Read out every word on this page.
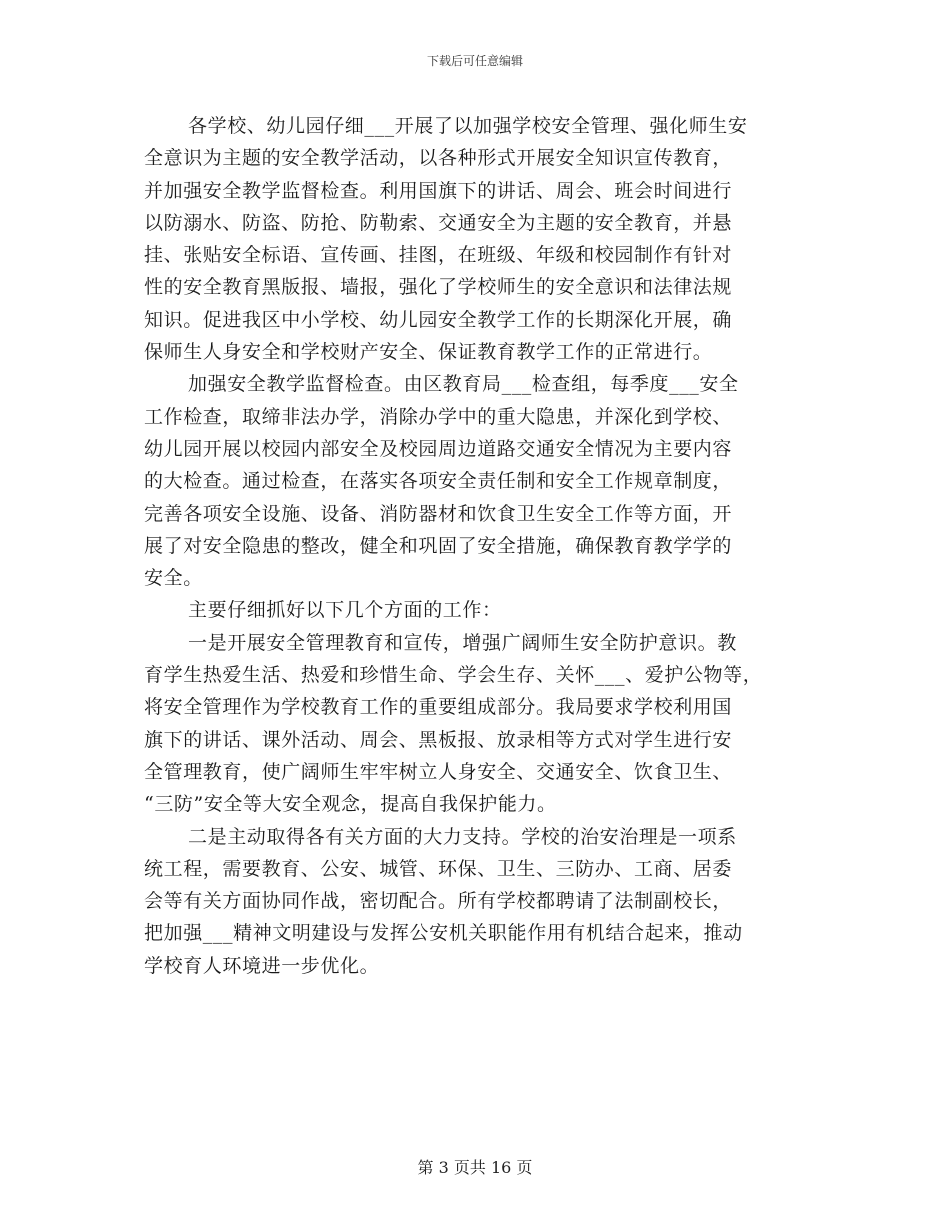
下载后可任意编辑
各学校、幼儿园仔细___开展了以加强学校安全管理、强化师生安
全意识为主题的安全教学活动，以各种形式开展安全知识宣传教育，
并加强安全教学监督检查。利用国旗下的讲话、周会、班会时间进行
以防溺水、防盗、防抢、防勒索、交通安全为主题的安全教育，并悬
挂、张贴安全标语、宣传画、挂图，在班级、年级和校园制作有针对
性的安全教育黑版报、墙报，强化了学校师生的安全意识和法律法规
知识。促进我区中小学校、幼儿园安全教学工作的长期深化开展，确
保师生人身安全和学校财产安全、保证教育教学工作的正常进行。
加强安全教学监督检查。由区教育局___检查组，每季度___安全
工作检查，取缔非法办学，消除办学中的重大隐患，并深化到学校、
幼儿园开展以校园内部安全及校园周边道路交通安全情况为主要内容
的大检查。通过检查，在落实各项安全责任制和安全工作规章制度，
完善各项安全设施、设备、消防器材和饮食卫生安全工作等方面，开
展了对安全隐患的整改，健全和巩固了安全措施，确保教育教学学的
安全。
主要仔细抓好以下几个方面的工作：
一是开展安全管理教育和宣传，增强广阔师生安全防护意识。教
育学生热爱生活、热爱和珍惜生命、学会生存、关怀___、爱护公物等，
将安全管理作为学校教育工作的重要组成部分。我局要求学校利用国
旗下的讲话、课外活动、周会、黑板报、放录相等方式对学生进行安
全管理教育，使广阔师生牢牢树立人身安全、交通安全、饮食卫生、
“三防”安全等大安全观念，提高自我保护能力。
二是主动取得各有关方面的大力支持。学校的治安治理是一项系
统工程，需要教育、公安、城管、环保、卫生、三防办、工商、居委
会等有关方面协同作战，密切配合。所有学校都聘请了法制副校长，
把加强___精神文明建设与发挥公安机关职能作用有机结合起来，推动
学校育人环境进一步优化。
第 3 页共 16 页
